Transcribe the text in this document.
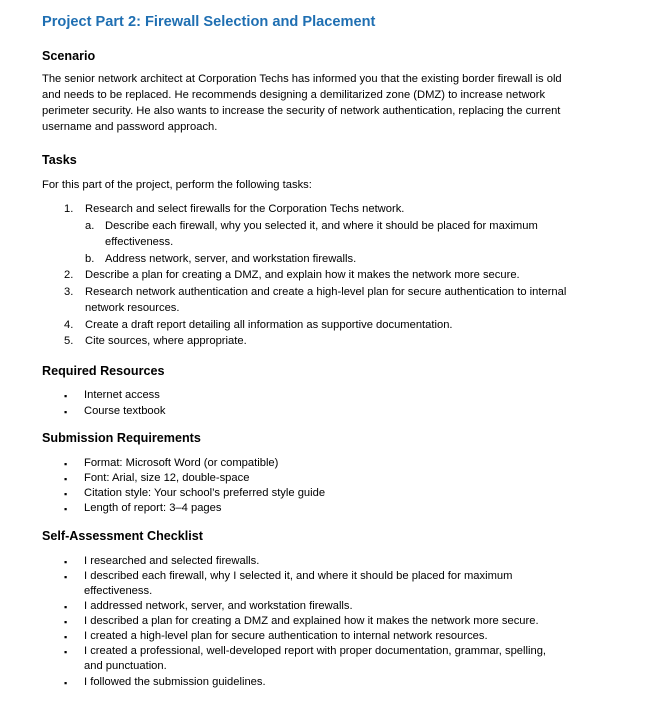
Project Part 2: Firewall Selection and Placement
Scenario
The senior network architect at Corporation Techs has informed you that the existing border firewall is old
and needs to be replaced. He recommends designing a demilitarized zone (DMZ) to increase network
perimeter security. He also wants to increase the security of network authentication, replacing the current
username and password approach.
Tasks
For this part of the project, perform the following tasks:
1. Research and select firewalls for the Corporation Techs network.
a. Describe each firewall, why you selected it, and where it should be placed for maximum
effectiveness.
b. Address network, server, and workstation firewalls.
2. Describe a plan for creating a DMZ, and explain how it makes the network more secure.
3. Research network authentication and create a high-level plan for secure authentication to internal
network resources.
4. Create a draft report detailing all information as supportive documentation.
5. Cite sources, where appropriate.
Required Resources
▪ Internet access
▪ Course textbook
Submission Requirements
▪ Format: Microsoft Word (or compatible)
▪ Font: Arial, size 12, double-space
▪ Citation style: Your school’s preferred style guide
▪ Length of report: 3–4 pages
Self-Assessment Checklist
▪ I researched and selected firewalls.
▪ I described each firewall, why I selected it, and where it should be placed for maximum
effectiveness.
▪ I addressed network, server, and workstation firewalls.
▪ I described a plan for creating a DMZ and explained how it makes the network more secure.
▪ I created a high-level plan for secure authentication to internal network resources.
▪ I created a professional, well-developed report with proper documentation, grammar, spelling,
and punctuation.
▪ I followed the submission guidelines.
